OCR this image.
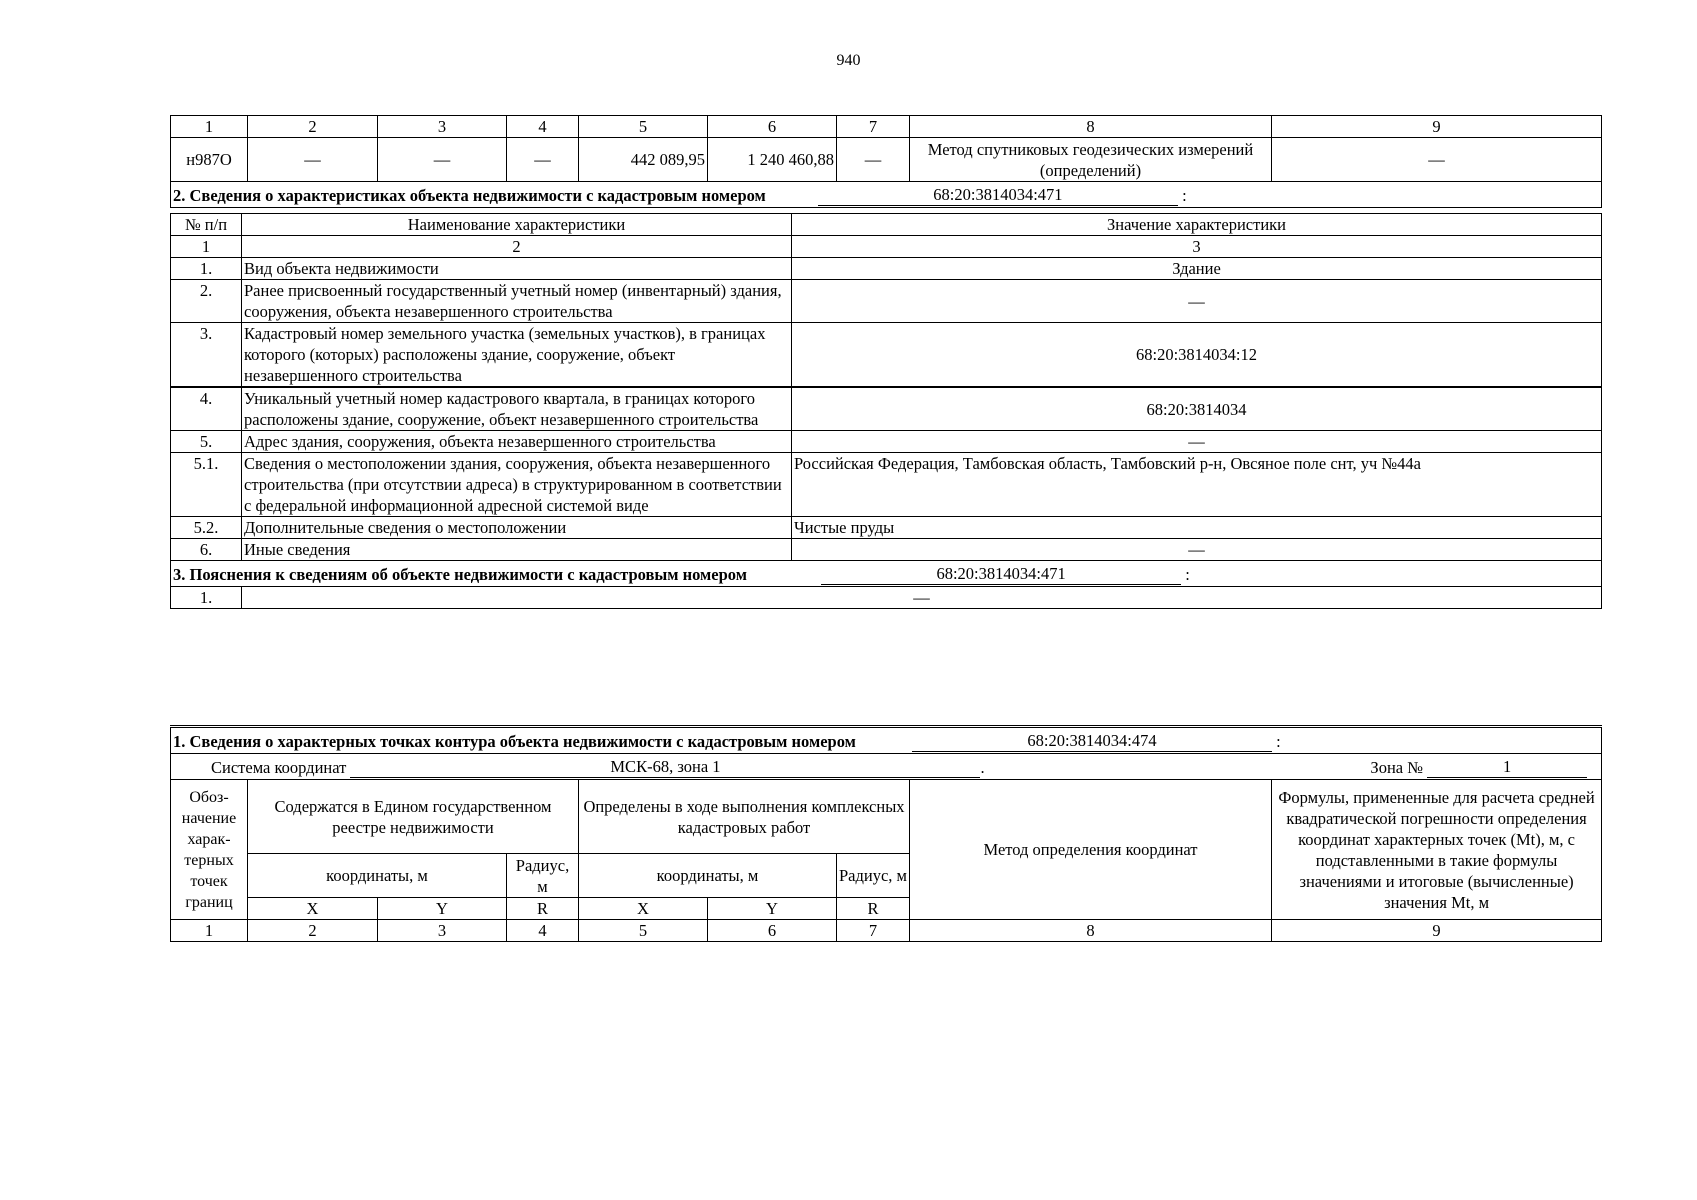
940
1	2	3	4	5	6	7	8	9
н987О	—	—	—	442 089,95	1 240 460,88	—	Метод спутниковых геодезических измерений (определений)	—
2. Сведения о характеристиках объекта недвижимости с кадастровым номером 68:20:3814034:471 :								
№ п/п	Наименование характеристики	Значение характеристики
1	2	3
1.	Вид объекта недвижимости	Здание
2.	Ранее присвоенный государственный учетный номер (инвентарный) здания, сооружения, объекта незавершенного строительства	—
3.	Кадастровый номер земельного участка (земельных участков), в границах которого (которых) расположены здание, сооружение, объект незавершенного строительства	68:20:3814034:12
4.	Уникальный учетный номер кадастрового квартала, в границах которого расположены здание, сооружение, объект незавершенного строительства	68:20:3814034
5.	Адрес здания, сооружения, объекта незавершенного строительства	—
5.1.	Сведения о местоположении здания, сооружения, объекта незавершенного строительства (при отсутствии адреса) в структурированном в соответствии с федеральной информационной адресной системой виде	Российская Федерация, Тамбовская область, Тамбовский р-н, Овсяное поле снт, уч №44а
5.2.	Дополнительные сведения о местоположении	Чистые пруды
6.	Иные сведения	—
3. Пояснения к сведениям об объекте недвижимости с кадастровым номером 68:20:3814034:471 :		
1.	—	
1. Сведения о характерных точках контура объекта недвижимости с кадастровым номером 68:20:3814034:474 :								
Система координат МСК-68, зона 1 . Зона № 1								

Обоз-начение харак-терных точек границ	Содержатся в Едином государственном реестре недвижимости			Определены в ходе выполнения комплексных кадастровых работ			Метод определения координат	Формулы, примененные для расчета средней квадратической погрешности определения координат характерных точек (Mt), м, с подставленными в такие формулы значениями и итоговые (вычисленные) значения Mt, м
	координаты, м		Радиус, м	координаты, м		Радиус, м		
	X	Y	R	X	Y	R		
1	2	3	4	5	6	7	8	9
